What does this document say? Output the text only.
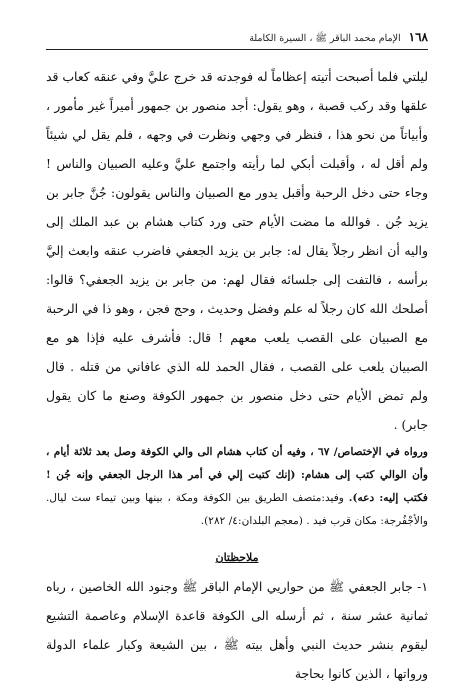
١٦٨
الإمام محمد الباقر ﷺ ، السيرة الكاملة

ليلتي فلما أصبحت أتيته إعظاماً له فوجدته قد خرج عليَّ وفي عنقه كعاب قد علقها وقد ركب قصبة ، وهو يقول: أجد منصور بن جمهور أميراً غير مأمور ، وأبياتاً من نحو هذا ، فنظر في وجهي ونظرت في وجهه ، فلم يقل لي شيئاً ولم أقل له ، وأقبلت أبكي لما رأيته واجتمع عليَّ وعليه الصبيان والناس ! وجاء حتى دخل الرحبة وأقبل يدور مع الصبيان والناس يقولون: جُنَّ جابر بن يزيد جُن . فوالله ما مضت الأيام حتى ورد كتاب هشام بن عبد الملك إلى واليه أن انظر رجلاً يقال له: جابر بن يزيد الجعفي فاضرب عنقه وابعث إليَّ برأسه ، فالتفت إلى جلسائه فقال لهم: من جابر بن يزيد الجعفي؟ قالوا: أصلحك الله كان رجلاً له علم وفضل وحديث ، وحج فجن ، وهو ذا في الرحبة مع الصبيان على القصب يلعب معهم ! قال: فأشرف عليه فإذا هو مع الصبيان يلعب على القصب ، فقال الحمد لله الذي عافاني من قتله . قال ولم تمض الأيام حتى دخل منصور بن جمهور الكوفة وصنع ما كان يقول جابر) .

ورواه في الإختصاص/ ٦٧ ، وفيه أن كتاب هشام الى والي الكوفة وصل بعد ثلاثة أيام ، وأن الوالي كتب إلى هشام: (إنك كتبت إلي في أمر هذا الرجل الجعفي وإنه جُن ! فكتب إليه: دعه). وفيد:متصف الطريق بين الكوفة ومكة ، بينها وبين تيماء ست ليال. والأجْفُرجة: مكان قرب فيد . (معجم البلدان:٤/ ٢٨٢).
ملاحظتان

١- جابر الجعفي ﷺ من حواريي الإمام الباقر ﷺ وجنود الله الخاصين ، رباه ثمانية عشر سنة ، ثم أرسله الى الكوفة قاعدة الإسلام وعاصمة التشيع ليقوم بنشر حديث النبي وأهل بيته ﷺ ، بين الشيعة وكبار علماء الدولة ورواتها ، الذين كانوا بحاجة
